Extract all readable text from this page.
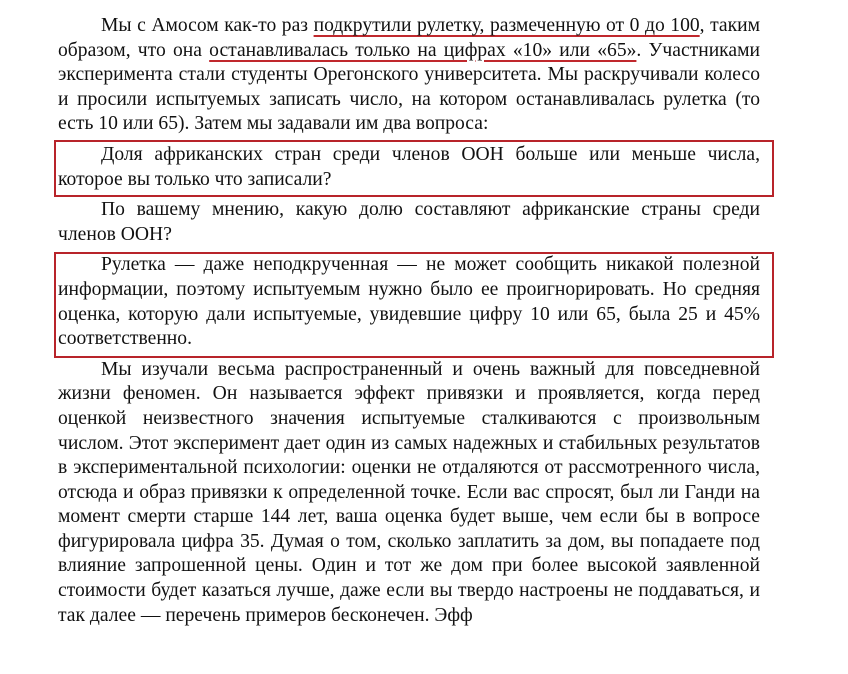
Мы с Амосом как-то раз подкрутили рулетку, размеченную от 0 до 100, таким образом, что она останавливалась только на цифрах «10» или «65». Участниками эксперимента стали студенты Орегонского университета. Мы раскручивали колесо и просили испытуемых записать число, на котором останавливалась рулетка (то есть 10 или 65). Затем мы задавали им два вопроса:

Доля африканских стран среди членов ООН больше или меньше числа, которое вы только что записали?

По вашему мнению, какую долю составляют африканские страны среди членов ООН?

Рулетка — даже неподкрученная — не может сообщить никакой полезной информации, поэтому испытуемым нужно было ее проигнорировать. Но средняя оценка, которую дали испытуемые, увидевшие цифру 10 или 65, была 25 и 45% соответственно.

Мы изучали весьма распространенный и очень важный для повседневной жизни феномен. Он называется эффект привязки и проявляется, когда перед оценкой неизвестного значения испытуемые сталкиваются с произвольным числом. Этот эксперимент дает один из самых надежных и стабильных результатов в экспериментальной психологии: оценки не отдаляются от рассмотренного числа, отсюда и образ привязки к определенной точке. Если вас спросят, был ли Ганди на момент смерти старше 144 лет, ваша оценка будет выше, чем если бы в вопросе фигурировала цифра 35. Думая о том, сколько заплатить за дом, вы попадаете под влияние запрошенной цены. Один и тот же дом при более высокой заявленной стоимости будет казаться лучше, даже если вы твердо настроены не поддаваться, и так далее — перечень примеров бесконечен. Эфф
